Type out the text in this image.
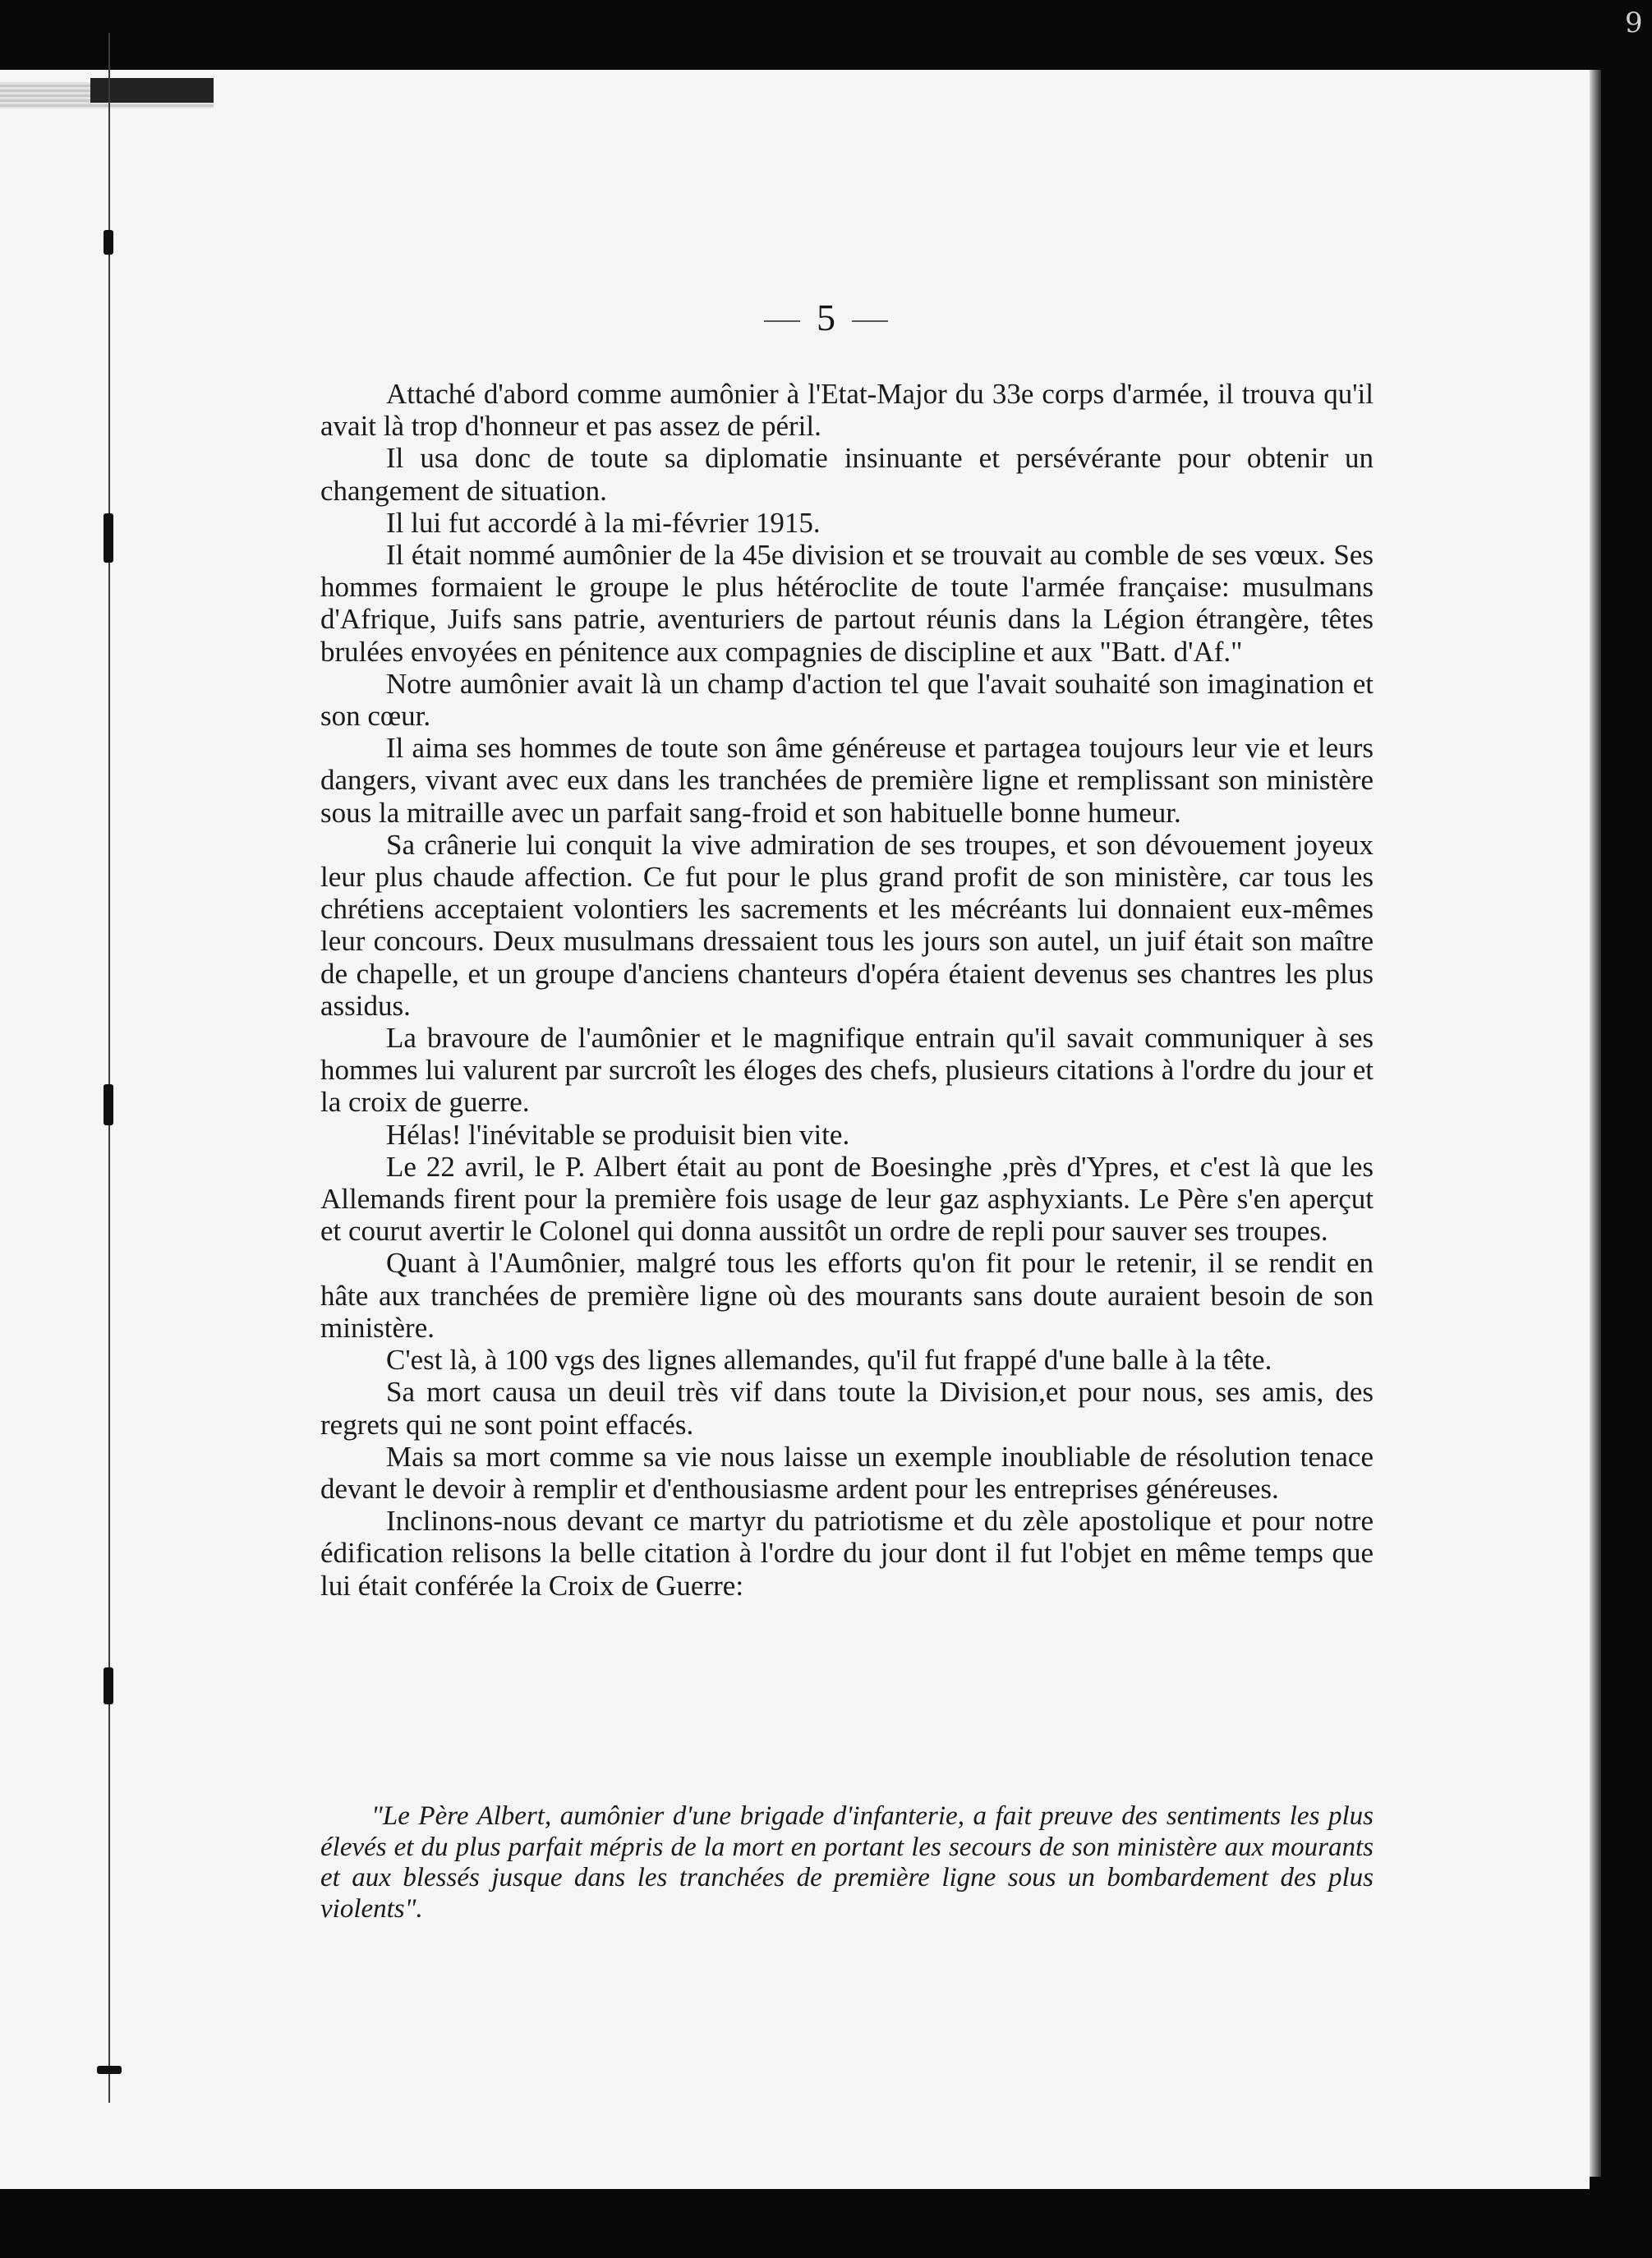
9
5

Attaché d'abord comme aumônier à l'Etat-Major du 33e corps d'armée, il trouva qu'il avait là trop d'honneur et pas assez de péril.

Il usa donc de toute sa diplomatie insinuante et persévérante pour obtenir un changement de situation.

Il lui fut accordé à la mi-février 1915.

Il était nommé aumônier de la 45e division et se trouvait au comble de ses vœux. Ses hommes formaient le groupe le plus hétéroclite de toute l'armée française: musulmans d'Afrique, Juifs sans patrie, aventuriers de partout réunis dans la Légion étrangère, têtes brulées envoyées en pénitence aux compagnies de discipline et aux "Batt. d'Af."

Notre aumônier avait là un champ d'action tel que l'avait souhaité son imagination et son cœur.

Il aima ses hommes de toute son âme généreuse et partagea toujours leur vie et leurs dangers, vivant avec eux dans les tranchées de première ligne et remplissant son ministère sous la mitraille avec un parfait sang-froid et son habituelle bonne humeur.

Sa crânerie lui conquit la vive admiration de ses troupes, et son dévouement joyeux leur plus chaude affection. Ce fut pour le plus grand profit de son ministère, car tous les chrétiens acceptaient volontiers les sacrements et les mécréants lui donnaient eux-mêmes leur concours. Deux musulmans dressaient tous les jours son autel, un juif était son maître de chapelle, et un groupe d'anciens chanteurs d'opéra étaient devenus ses chantres les plus assidus.

La bravoure de l'aumônier et le magnifique entrain qu'il savait communiquer à ses hommes lui valurent par surcroît les éloges des chefs, plusieurs citations à l'ordre du jour et la croix de guerre.

Hélas! l'inévitable se produisit bien vite.

Le 22 avril, le P. Albert était au pont de Boesinghe ,près d'Ypres, et c'est là que les Allemands firent pour la première fois usage de leur gaz asphyxiants. Le Père s'en aperçut et courut avertir le Colonel qui donna aussitôt un ordre de repli pour sauver ses troupes.

Quant à l'Aumônier, malgré tous les efforts qu'on fit pour le retenir, il se rendit en hâte aux tranchées de première ligne où des mourants sans doute auraient besoin de son ministère.

C'est là, à 100 vgs des lignes allemandes, qu'il fut frappé d'une balle à la tête.

Sa mort causa un deuil très vif dans toute la Division,et pour nous, ses amis, des regrets qui ne sont point effacés.

Mais sa mort comme sa vie nous laisse un exemple inoubliable de résolution tenace devant le devoir à remplir et d'enthousiasme ardent pour les entreprises généreuses.

Inclinons-nous devant ce martyr du patriotisme et du zèle apostolique et pour notre édification relisons la belle citation à l'ordre du jour dont il fut l'objet en même temps que lui était conférée la Croix de Guerre:

"Le Père Albert, aumônier d'une brigade d'infanterie, a fait preuve des sentiments les plus élevés et du plus parfait mépris de la mort en portant les secours de son ministère aux mourants et aux blessés jusque dans les tranchées de première ligne sous un bombardement des plus violents".
